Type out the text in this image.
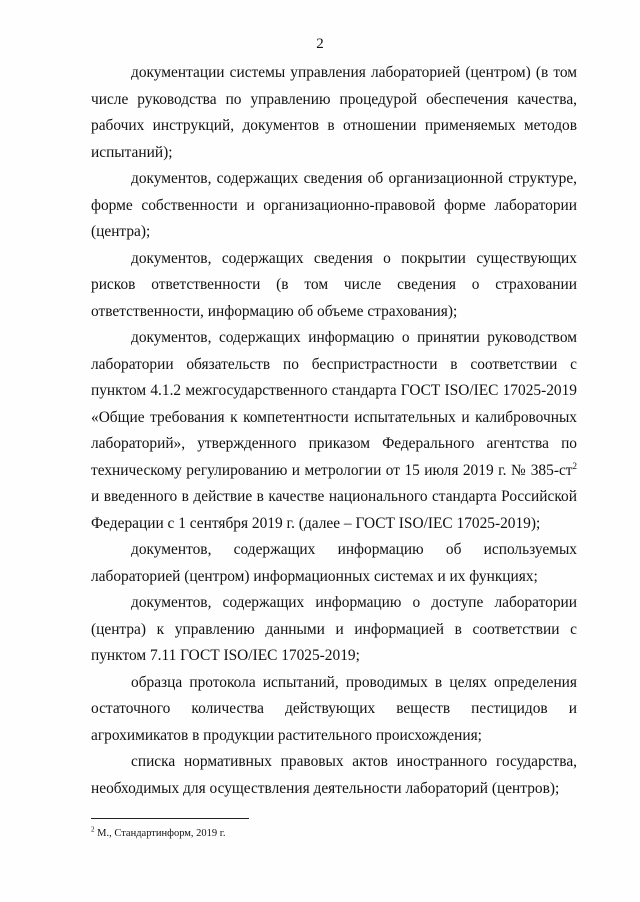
2

документации системы управления лабораторией (центром) (в том числе руководства по управлению процедурой обеспечения качества, рабочих инструкций, документов в отношении применяемых методов испытаний);

документов, содержащих сведения об организационной структуре, форме собственности и организационно-правовой форме лаборатории (центра);

документов, содержащих сведения о покрытии существующих рисков ответственности (в том числе сведения о страховании ответственности, информацию об объеме страхования);

документов, содержащих информацию о принятии руководством лаборатории обязательств по беспристрастности в соответствии с пунктом 4.1.2 межгосударственного стандарта ГОСТ ISO/IEC 17025-2019 «Общие требования к компетентности испытательных и калибровочных лабораторий», утвержденного приказом Федерального агентства по техническому регулированию и метрологии от 15 июля 2019 г. № $385-ст^2$ и введенного в действие в качестве национального стандарта Российской Федерации с 1 сентября 2019 г. (далее – ГОСТ ISO/IEC 17025-2019);

документов, содержащих информацию об используемых лабораторией (центром) информационных системах и их функциях;

документов, содержащих информацию о доступе лаборатории (центра) к управлению данными и информацией в соответствии с пунктом 7.11 ГОСТ ISO/IEC 17025-2019;

образца протокола испытаний, проводимых в целях определения остаточного количества действующих веществ пестицидов и агрохимикатов в продукции растительного происхождения;

списка нормативных правовых актов иностранного государства, необходимых для осуществления деятельности лабораторий (центров);

$^2$ М., Стандартинформ, 2019 г.
